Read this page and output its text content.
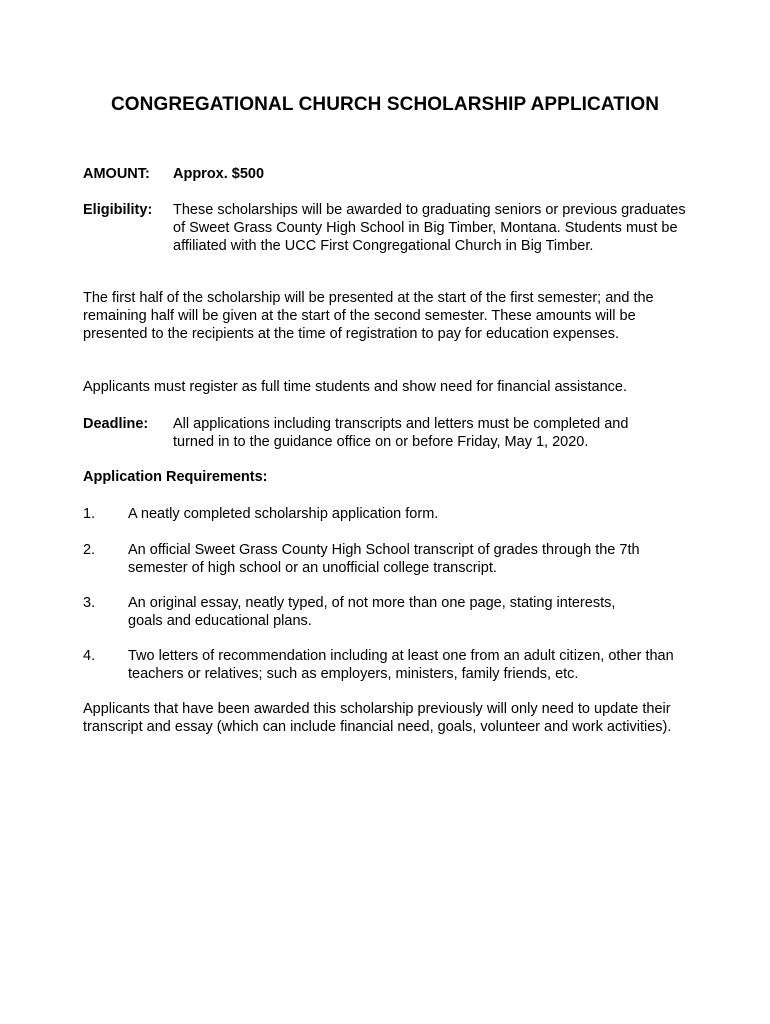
CONGREGATIONAL CHURCH SCHOLARSHIP APPLICATION
AMOUNT: Approx. $500
Eligibility: These scholarships will be awarded to graduating seniors or previous graduates of Sweet Grass County High School in Big Timber, Montana. Students must be affiliated with the UCC First Congregational Church in Big Timber.
The first half of the scholarship will be presented at the start of the first semester; and the remaining half will be given at the start of the second semester. These amounts will be presented to the recipients at the time of registration to pay for education expenses.
Applicants must register as full time students and show need for financial assistance.
Deadline: All applications including transcripts and letters must be completed and turned in to the guidance office on or before Friday, May 1, 2020.
Application Requirements:
1. A neatly completed scholarship application form.
2. An official Sweet Grass County High School transcript of grades through the 7th semester of high school or an unofficial college transcript.
3. An original essay, neatly typed, of not more than one page, stating interests, goals and educational plans.
4. Two letters of recommendation including at least one from an adult citizen, other than teachers or relatives; such as employers, ministers, family friends, etc.
Applicants that have been awarded this scholarship previously will only need to update their transcript and essay (which can include financial need, goals, volunteer and work activities).
